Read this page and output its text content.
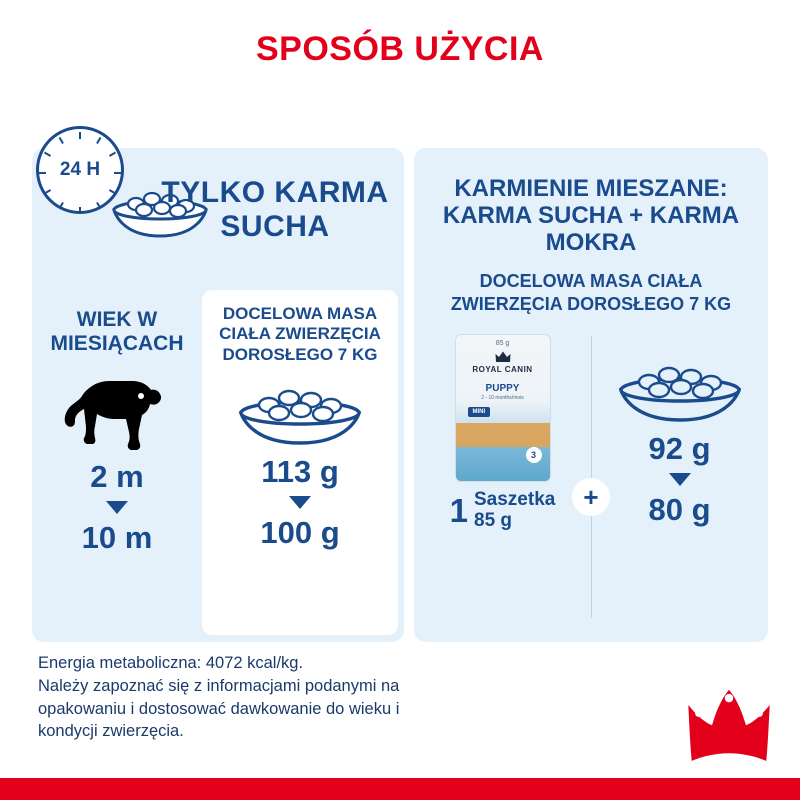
SPOSÓB UŻYCIA
24 H
TYLKO KARMA SUCHA
WIEK W MIESIĄCACH
2 m
10 m
DOCELOWA MASA CIAŁA ZWIERZĘCIA DOROSŁEGO 7 KG
113 g
100 g
KARMIENIE MIESZANE: KARMA SUCHA + KARMA MOKRA
DOCELOWA MASA CIAŁA ZWIERZĘCIA DOROSŁEGO 7 KG
+
85 g
ROYAL CANIN
PUPPY
2 - 10 months/mois
MINI
3
1 Saszetka
85 g
92 g
80 g
Energia metaboliczna: 4072 kcal/kg.
Należy zapoznać się z informacjami podanymi na
opakowaniu i dostosować dawkowanie do wieku i
kondycji zwierzęcia.
